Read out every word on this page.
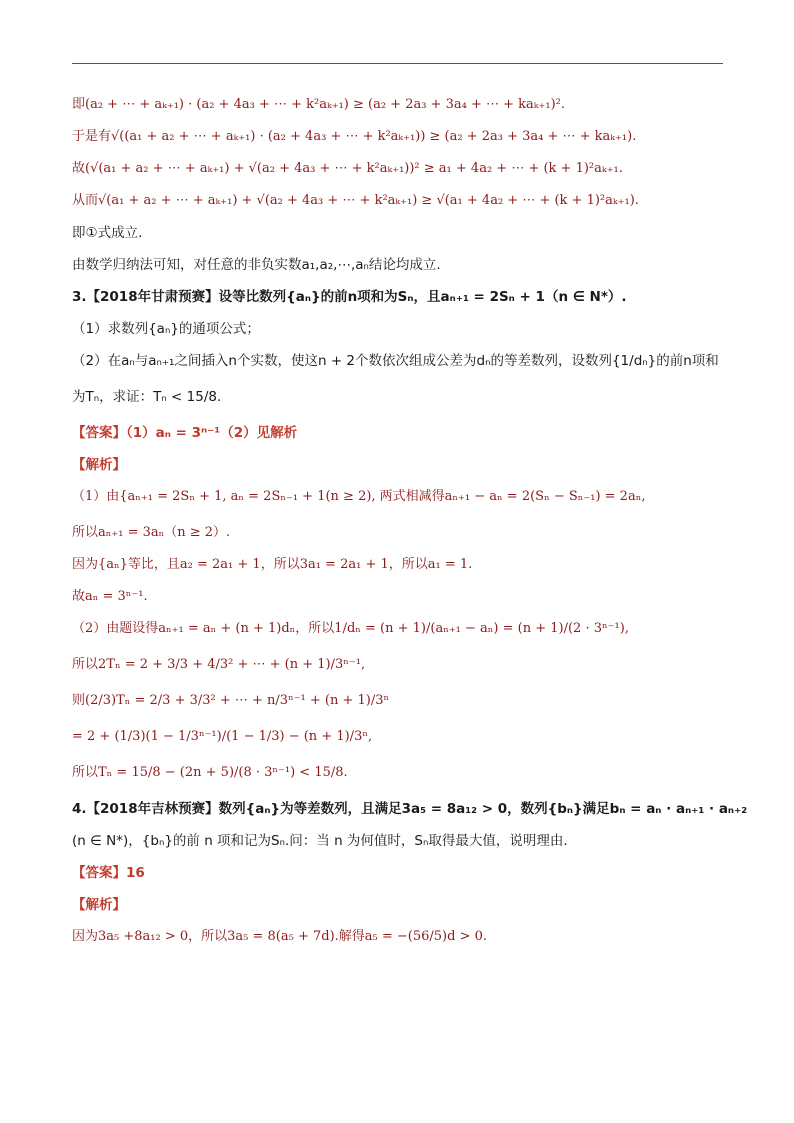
即(a₂ + ⋯ + aₖ₊₁) · (a₂ + 4a₃ + ⋯ + k²aₖ₊₁) ≥ (a₂ + 2a₃ + 3a₄ + ⋯ + kaₖ₊₁)².

于是有√((a₁ + a₂ + ⋯ + aₖ₊₁) · (a₂ + 4a₃ + ⋯ + k²aₖ₊₁)) ≥ (a₂ + 2a₃ + 3a₄ + ⋯ + kaₖ₊₁).

故(√(a₁ + a₂ + ⋯ + aₖ₊₁) + √(a₂ + 4a₃ + ⋯ + k²aₖ₊₁))² ≥ a₁ + 4a₂ + ⋯ + (k + 1)²aₖ₊₁.

从而√(a₁ + a₂ + ⋯ + aₖ₊₁) + √(a₂ + 4a₃ + ⋯ + k²aₖ₊₁) ≥ √(a₁ + 4a₂ + ⋯ + (k + 1)²aₖ₊₁).

即①式成立.

由数学归纳法可知，对任意的非负实数a₁,a₂,⋯,aₙ结论均成立.

3.【2018年甘肃预赛】设等比数列{aₙ}的前n项和为Sₙ，且aₙ₊₁ = 2Sₙ + 1（n ∈ N*）.

（1）求数列{aₙ}的通项公式；

（2）在aₙ与aₙ₊₁之间插入n个实数，使这n + 2个数依次组成公差为dₙ的等差数列，设数列{1/dₙ}的前n项和

为Tₙ，求证：Tₙ < 15/8.

【答案】（1）aₙ = 3ⁿ⁻¹（2）见解析

【解析】

（1）由{aₙ₊₁ = 2Sₙ + 1, aₙ = 2Sₙ₋₁ + 1(n ≥ 2), 两式相减得aₙ₊₁ − aₙ = 2(Sₙ − Sₙ₋₁) = 2aₙ,

所以aₙ₊₁ = 3aₙ（n ≥ 2）.

因为{aₙ}等比，且a₂ = 2a₁ + 1，所以3a₁ = 2a₁ + 1，所以a₁ = 1.

故aₙ = 3ⁿ⁻¹.

（2）由题设得aₙ₊₁ = aₙ + (n + 1)dₙ，所以1/dₙ = (n + 1)/(aₙ₊₁ − aₙ) = (n + 1)/(2 · 3ⁿ⁻¹),

所以2Tₙ = 2 + 3/3 + 4/3² + ⋯ + (n + 1)/3ⁿ⁻¹,

则(2/3)Tₙ = 2/3 + 3/3² + ⋯ + n/3ⁿ⁻¹ + (n + 1)/3ⁿ

= 2 + (1/3)(1 − 1/3ⁿ⁻¹)/(1 − 1/3) − (n + 1)/3ⁿ,

所以Tₙ = 15/8 − (2n + 5)/(8 · 3ⁿ⁻¹) < 15/8.

4.【2018年吉林预赛】数列{aₙ}为等差数列，且满足3a₅ = 8a₁₂ > 0，数列{bₙ}满足bₙ = aₙ · aₙ₊₁ · aₙ₊₂

(n ∈ N*)，{bₙ}的前 n 项和记为Sₙ.问：当 n 为何值时，Sₙ取得最大值，说明理由.

【答案】16

【解析】

因为3a₅ +8a₁₂ > 0，所以3a₅ = 8(a₅ + 7d).解得a₅ = −(56/5)d > 0.
